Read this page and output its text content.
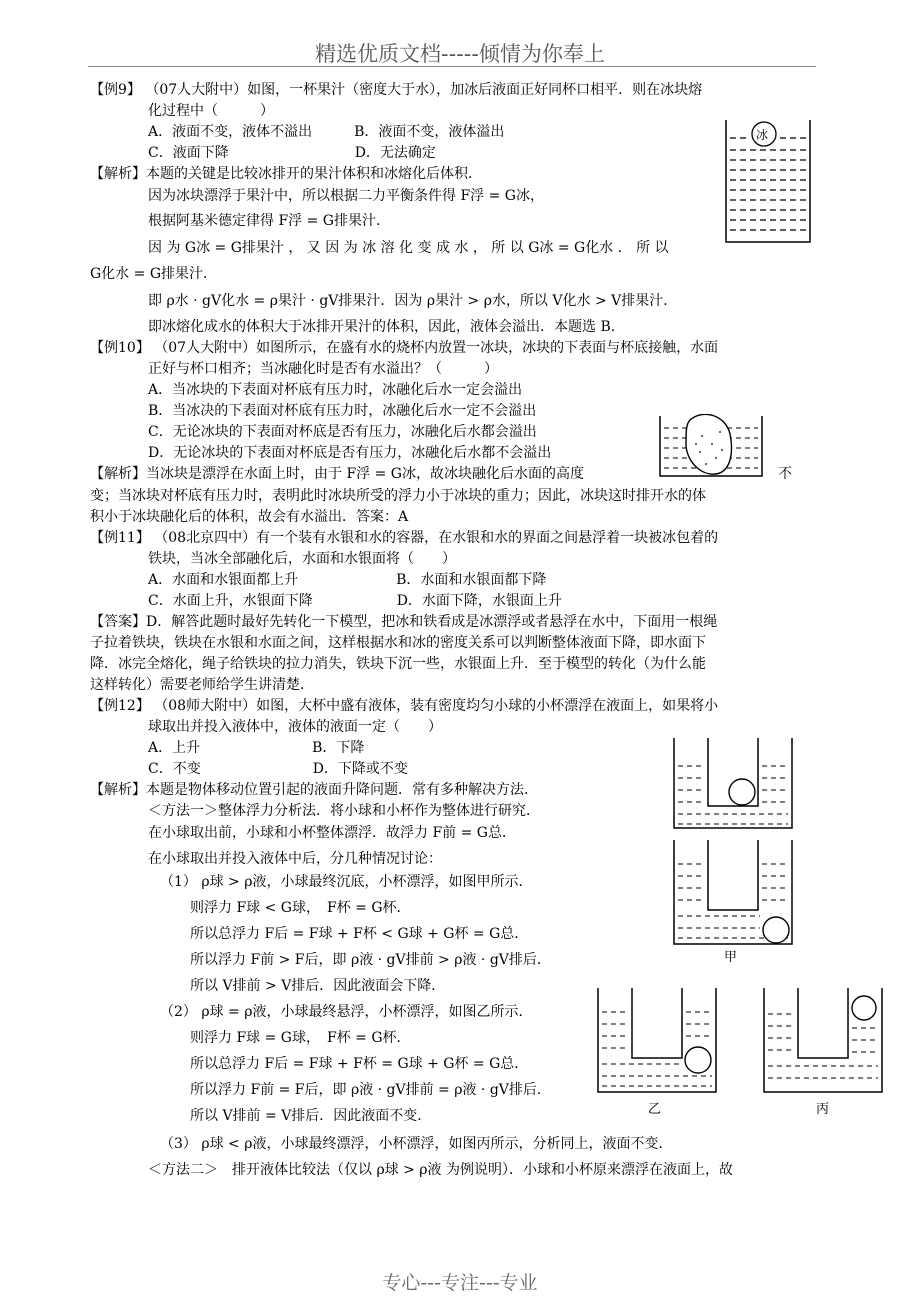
精选优质文档-----倾情为你奉上
【例9】 （07人大附中）如图，一杯果汁（密度大于水），加冰后液面正好同杯口相平．则在冰块熔
化过程中（　　　）
A．液面不变，液体不溢出　　　B．液面不变，液体溢出
C．液面下降　　　　　　　　　D．无法确定
【解析】本题的关键是比较冰排开的果汁体积和冰熔化后体积．
因为冰块漂浮于果汁中，所以根据二力平衡条件得 F浮 = G冰，
根据阿基米德定律得 F浮 = G排果汁．
因 为 G冰 = G排果汁 ， 又 因 为 冰 溶 化 变 成 水 ， 所 以 G冰 = G化水 ． 所 以
G化水 = G排果汁．
即 ρ水 · gV化水 = ρ果汁 · gV排果汁．因为 ρ果汁 > ρ水，所以 V化水 > V排果汁．
即冰熔化成水的体积大于冰排开果汁的体积，因此，液体会溢出．本题选 B．
【例10】 （07人大附中）如图所示，在盛有水的烧杯内放置一冰块，冰块的下表面与杯底接触，水面
正好与杯口相齐；当冰融化时是否有水溢出？（　　　）
A．当冰块的下表面对杯底有压力时，冰融化后水一定会溢出
B．当冰决的下表面对杯底有压力时，冰融化后水一定不会溢出
C．无论冰块的下表面对杯底是否有压力，冰融化后水都会溢出
D．无论冰块的下表面对杯底是否有压力，冰融化后水都不会溢出
【解析】当冰块是漂浮在水面上时，由于 F浮 = G冰，故冰块融化后水面的高度	不
变；当冰块对杯底有压力时，表明此时冰块所受的浮力小于冰块的重力；因此，冰块这时排开水的体
积小于冰块融化后的体积，故会有水溢出．答案：A
【例11】 （08北京四中）有一个装有水银和水的容器，在水银和水的界面之间悬浮着一块被冰包着的
铁块，当冰全部融化后，水面和水银面将（　　）
A．水面和水银面都上升　　　　　　　B．水面和水银面都下降
C．水面上升，水银面下降　　　　　　D．水面下降，水银面上升
【答案】D．解答此题时最好先转化一下模型，把冰和铁看成是冰漂浮或者悬浮在水中，下面用一根绳
子拉着铁块，铁块在水银和水面之间，这样根据水和冰的密度关系可以判断整体液面下降，即水面下
降．冰完全熔化，绳子给铁块的拉力消失，铁块下沉一些，水银面上升．至于模型的转化（为什么能
这样转化）需要老师给学生讲清楚．
【例12】 （08师大附中）如图，大杯中盛有液体，装有密度均匀小球的小杯漂浮在液面上，如果将小
球取出并投入液体中，液体的液面一定（　　）
A．上升　　　　　　　　B．下降
C．不变　　　　　　　　D．下降或不变
【解析】本题是物体移动位置引起的液面升降问题．常有多种解决方法．
＜方法一＞整体浮力分析法．将小球和小杯作为整体进行研究．
在小球取出前，小球和小杯整体漂浮．故浮力 F前 = G总．
在小球取出并投入液体中后，分几种情况讨论：
（1） ρ球 > ρ液，小球最终沉底，小杯漂浮，如图甲所示．
则浮力 F球 < G球，　F杯 = G杯．
所以总浮力 F后 = F球 + F杯 < G球 + G杯 = G总．
所以浮力 F前 > F后，即 ρ液 · gV排前 > ρ液 · gV排后．
所以 V排前 > V排后．因此液面会下降．
（2） ρ球 = ρ液，小球最终悬浮，小杯漂浮，如图乙所示．
则浮力 F球 = G球，　F杯 = G杯．
所以总浮力 F后 = F球 + F杯 = G球 + G杯 = G总．
所以浮力 F前 = F后，即 ρ液 · gV排前 = ρ液 · gV排后．
所以 V排前 = V排后．因此液面不变．
（3） ρ球 < ρ液，小球最终漂浮，小杯漂浮，如图丙所示，分析同上，液面不变．
＜方法二＞　排开液体比较法（仅以 ρ球 > ρ液 为例说明）．小球和小杯原来漂浮在液面上，故
冰
甲
乙	丙
专心---专注---专业
